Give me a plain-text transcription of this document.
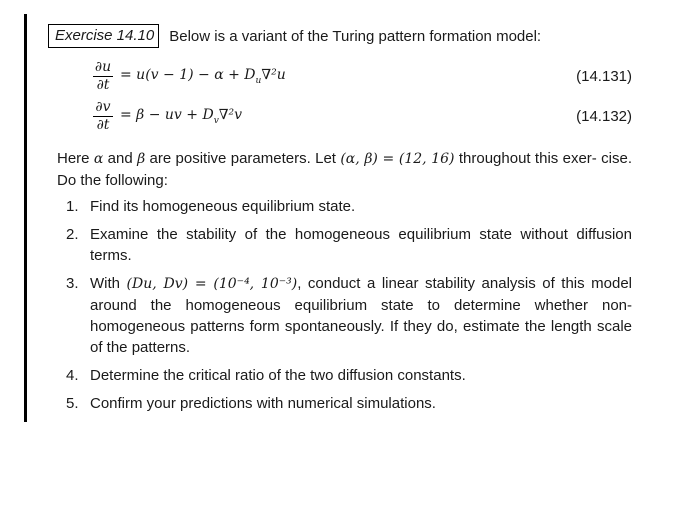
Exercise 14.10	Below is a variant of the Turing pattern formation model:
$\frac{\partial u}{\partial t} = u(v - 1) - \alpha + D_u\nabla^2u$	(14.131)
$\frac{\partial v}{\partial t} = \beta$ − uv + $D_v\nabla^2v$	(14.132)
Here α and β are positive parameters. Let (α, β) = (12, 16) throughout this exer- cise. Do the following:
1. Find its homogeneous equilibrium state.
2. Examine the stability of the homogeneous equilibrium state without diffusion terms.
3. With (Du, Dv) = (10⁻⁴, 10⁻³), conduct a linear stability analysis of this model around the homogeneous equilibrium state to determine whether non-homogeneous patterns form spontaneously. If they do, estimate the length scale of the patterns.
4. Determine the critical ratio of the two diffusion constants.
5. Confirm your predictions with numerical simulations.
